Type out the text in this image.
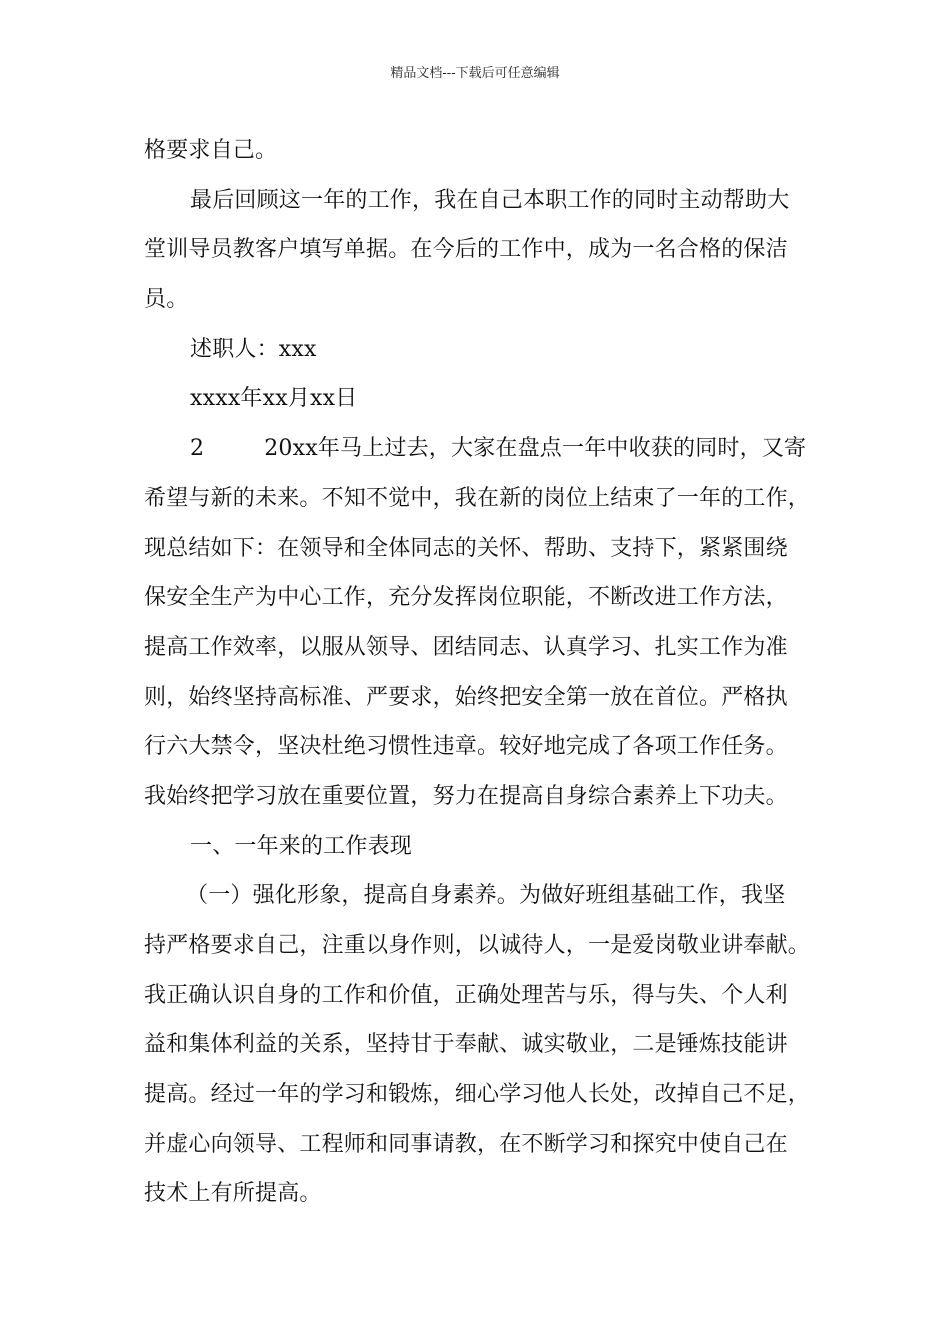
精品文档---下载后可任意编辑
格要求自己。
最后回顾这一年的工作，我在自己本职工作的同时主动帮助大
堂训导员教客户填写单据。在今后的工作中，成为一名合格的保洁
员。
述职人：xxx
xxxx年xx月xx日
2	20xx年马上过去，大家在盘点一年中收获的同时，又寄
希望与新的未来。不知不觉中，我在新的岗位上结束了一年的工作，
现总结如下：在领导和全体同志的关怀、帮助、支持下，紧紧围绕
保安全生产为中心工作，充分发挥岗位职能，不断改进工作方法，
提高工作效率，以服从领导、团结同志、认真学习、扎实工作为准
则，始终坚持高标准、严要求，始终把安全第一放在首位。严格执
行六大禁令，坚决杜绝习惯性违章。较好地完成了各项工作任务。
我始终把学习放在重要位置，努力在提高自身综合素养上下功夫。
一、一年来的工作表现
（一）强化形象，提高自身素养。为做好班组基础工作，我坚
持严格要求自己，注重以身作则，以诚待人，一是爱岗敬业讲奉献。
我正确认识自身的工作和价值，正确处理苦与乐，得与失、个人利
益和集体利益的关系，坚持甘于奉献、诚实敬业，二是锤炼技能讲
提高。经过一年的学习和锻炼，细心学习他人长处，改掉自己不足，
并虚心向领导、工程师和同事请教，在不断学习和探究中使自己在
技术上有所提高。
